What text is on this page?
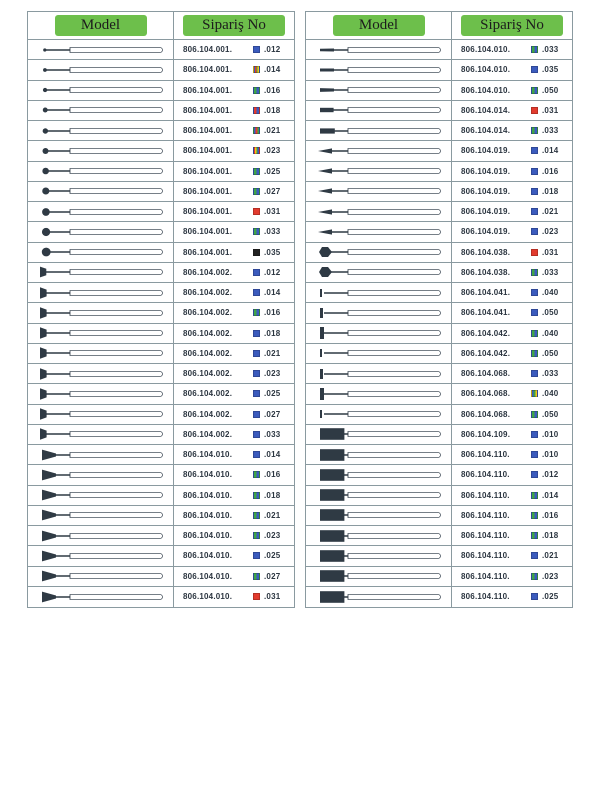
Model	Sipariş No
806.104.001.	.012
806.104.001.	.014
806.104.001.	.016
806.104.001.	.018
806.104.001.	.021
806.104.001.	.023
806.104.001.	.025
806.104.001.	.027
806.104.001.	.031
806.104.001.	.033
806.104.001.	.035
806.104.002.	.012
806.104.002.	.014
806.104.002.	.016
806.104.002.	.018
806.104.002.	.021
806.104.002.	.023
806.104.002.	.025
806.104.002.	.027
806.104.002.	.033
806.104.010.	.014
806.104.010.	.016
806.104.010.	.018
806.104.010.	.021
806.104.010.	.023
806.104.010.	.025
806.104.010.	.027
806.104.010.	.031
Model	Sipariş No
806.104.010.	.033
806.104.010.	.035
806.104.010.	.050
806.104.014.	.031
806.104.014.	.033
806.104.019.	.014
806.104.019.	.016
806.104.019.	.018
806.104.019.	.021
806.104.019.	.023
806.104.038.	.031
806.104.038.	.033
806.104.041.	.040
806.104.041.	.050
806.104.042.	.040
806.104.042.	.050
806.104.068.	.033
806.104.068.	.040
806.104.068.	.050
806.104.109.	.010
806.104.110.	.010
806.104.110.	.012
806.104.110.	.014
806.104.110.	.016
806.104.110.	.018
806.104.110.	.021
806.104.110.	.023
806.104.110.	.025
